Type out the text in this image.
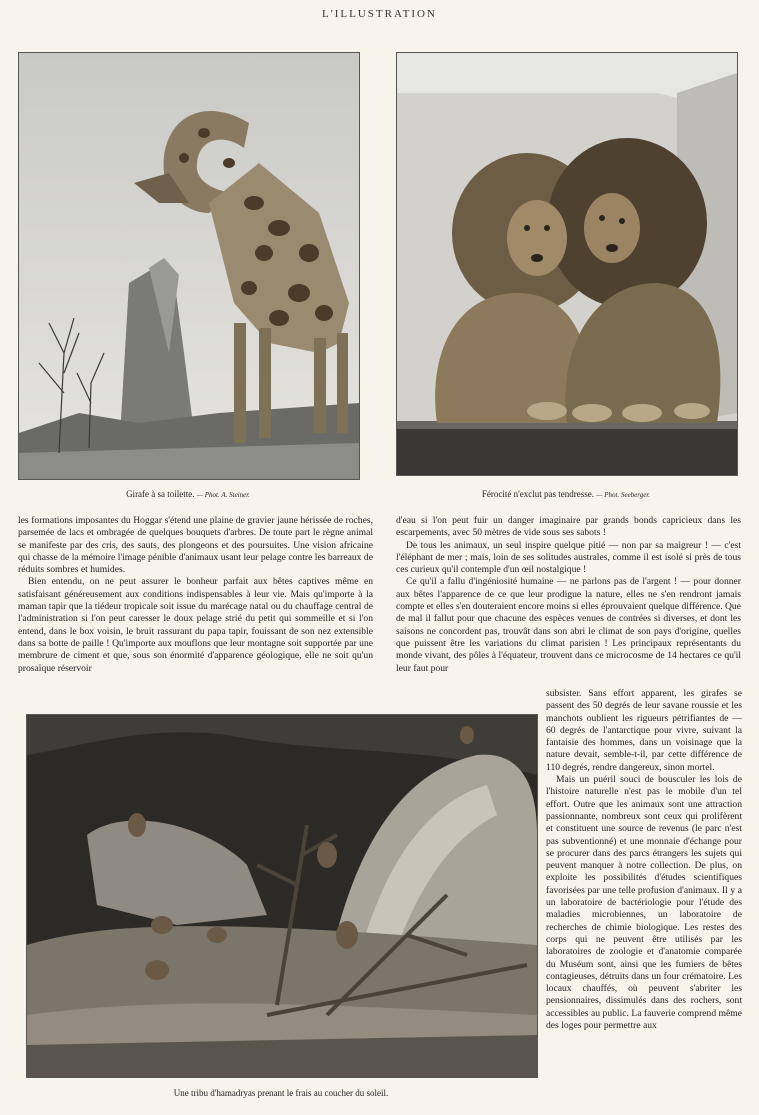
L'ILLUSTRATION
Girafe à sa toilette. — Phot. A. Steiner.	Férocité n'exclut pas tendresse. — Phot. Seeberger.

les formations imposantes du Hoggar s'étend une plaine de gravier jaune hérissée de roches, parsemée de lacs et ombragée de quelques bouquets d'arbres. De toute part le règne animal se manifeste par des cris, des sauts, des plongeons et des poursuites. Une vision africaine qui chasse de la mémoire l'image pénible d'animaux usant leur pelage contre les barreaux de réduits sombres et humides.

Bien entendu, on ne peut assurer le bonheur parfait aux bêtes captives même en satisfaisant généreusement aux conditions indispensables à leur vie. Mais qu'importe à la maman tapir que la tiédeur tropicale soit issue du marécage natal ou du chauffage central de l'administration si l'on peut caresser le doux pelage strié du petit qui sommeille et si l'on entend, dans le box voisin, le bruit rassurant du papa tapir, fouissant de son nez extensible dans sa botte de paille ! Qu'importe aux mouflons que leur montagne soit supportée par une membrure de ciment et que, sous son énormité d'apparence géologique, elle ne soit qu'un prosaïque réservoir

d'eau si l'on peut fuir un danger imaginaire par grands bonds capricieux dans les escarpements, avec 50 mètres de vide sous ses sabots !

De tous les animaux, un seul inspire quelque pitié — non par sa maigreur ! — c'est l'éléphant de mer ; mais, loin de ses solitudes australes, comme il est isolé si près de tous ces curieux qu'il contemple d'un œil nostalgique !

Ce qu'il a fallu d'ingéniosité humaine — ne parlons pas de l'argent ! — pour donner aux bêtes l'apparence de ce que leur prodigue la nature, elles ne s'en rendront jamais compte et elles s'en douteraient encore moins si elles éprouvaient quelque différence. Que de mal il fallut pour que chacune des espèces venues de contrées si diverses, et dont les saisons ne concordent pas, trouvât dans son abri le climat de son pays d'origine, quelles que puissent être les variations du climat parisien ! Les principaux représentants du monde vivant, des pôles à l'équateur, trouvent dans ce microcosme de 14 hectares ce qu'il leur faut pour

Une tribu d'hamadryas prenant le frais au coucher du soleil.

subsister. Sans effort apparent, les girafes se passent des 50 degrés de leur savane roussie et les manchots oublient les rigueurs pétrifiantes de — 60 degrés de l'antarctique pour vivre, suivant la fantaisie des hommes, dans un voisinage que la nature devait, semble-t-il, par cette différence de 110 degrés, rendre dangereux, sinon mortel.

Mais un puéril souci de bousculer les lois de l'histoire naturelle n'est pas le mobile d'un tel effort. Outre que les animaux sont une attraction passionnante, nombreux sont ceux qui prolifèrent et constituent une source de revenus (le parc n'est pas subventionné) et une monnaie d'échange pour se procurer dans des parcs étrangers les sujets qui peuvent manquer à notre collection. De plus, on exploite les possibilités d'études scientifiques favorisées par une telle profusion d'animaux. Il y a un laboratoire de bactériologie pour l'étude des maladies microbiennes, un laboratoire de recherches de chimie biologique. Les restes des corps qui ne peuvent être utilisés par les laboratoires de zoologie et d'anatomie comparée du Muséum sont, ainsi que les fumiers de bêtes contagieuses, détruits dans un four crématoire. Les locaux chauffés, où peuvent s'abriter les pensionnaires, dissimulés dans des rochers, sont accessibles au public. La fauverie comprend même des loges pour permettre aux
